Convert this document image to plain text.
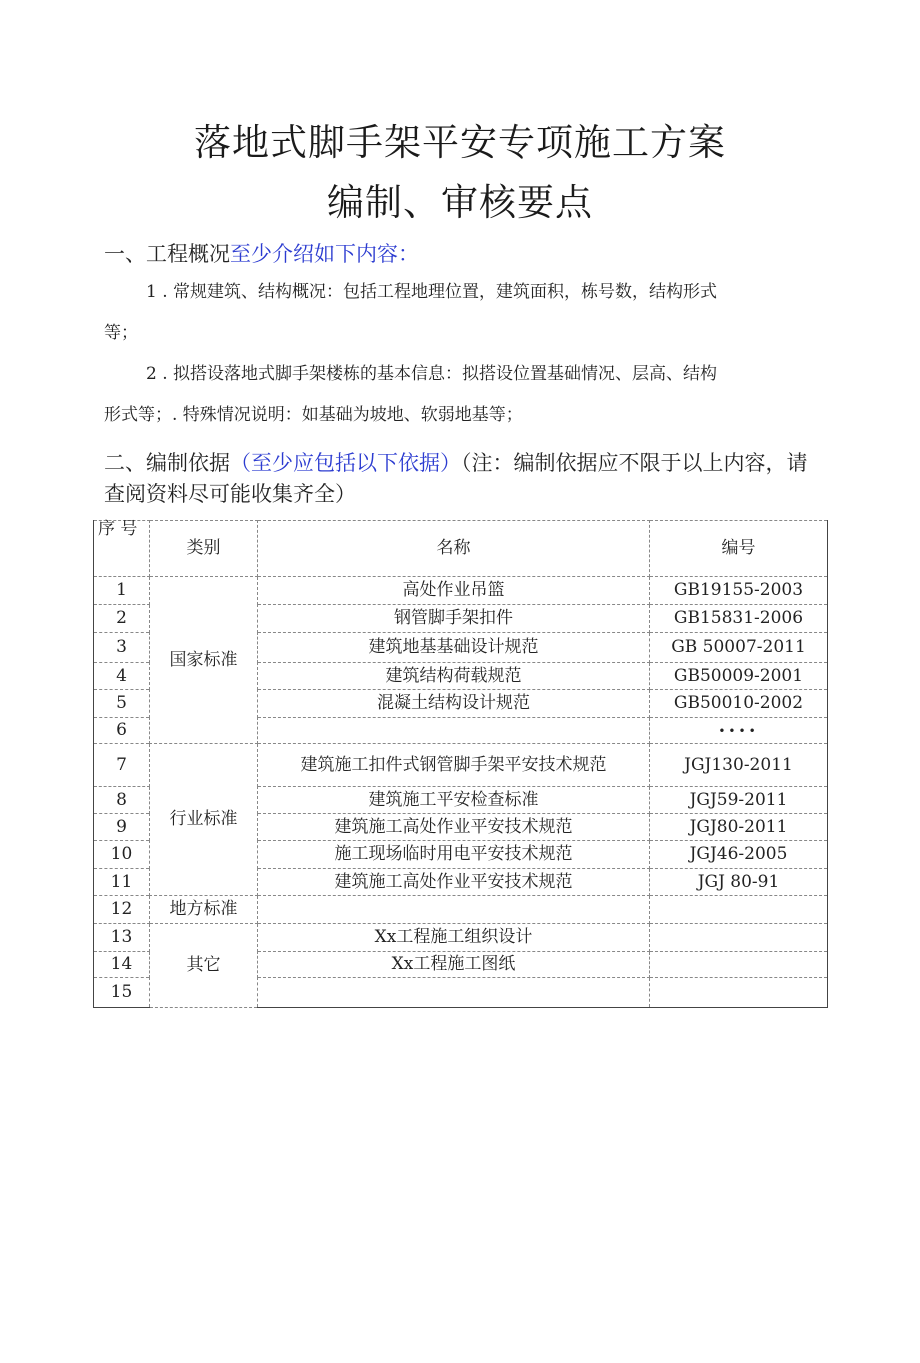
落地式脚手架平安专项施工方案
编制、审核要点
一、工程概况至少介绍如下内容：
1 . 常规建筑、结构概况：包括工程地理位置，建筑面积，栋号数，结构形式
等；
2 . 拟搭设落地式脚手架楼栋的基本信息：拟搭设位置基础情况、层高、结构
形式等；. 特殊情况说明：如基础为坡地、软弱地基等；
二、编制依据（至少应包括以下依据）（注：编制依据应不限于以上内容，请查阅资料尽可能收集齐全）
序 号	类别	名称	编号
1	国家标准	高处作业吊篮	GB19155-2003
2		钢管脚手架扣件	GB15831-2006
3		建筑地基基础设计规范	GB 50007-2011
4		建筑结构荷载规范	GB50009-2001
5		混凝土结构设计规范	GB50010-2002
6			••••
7	行业标准	建筑施工扣件式钢管脚手架平安技术规范	JGJ130-2011
8		建筑施工平安检查标准	JGJ59-2011
9		建筑施工高处作业平安技术规范	JGJ80-2011
10		施工现场临时用电平安技术规范	JGJ46-2005
11		建筑施工高处作业平安技术规范	JGJ 80-91
12	地方标准		
13	其它	Xx工程施工组织设计	
14		Xx工程施工图纸	
15			
